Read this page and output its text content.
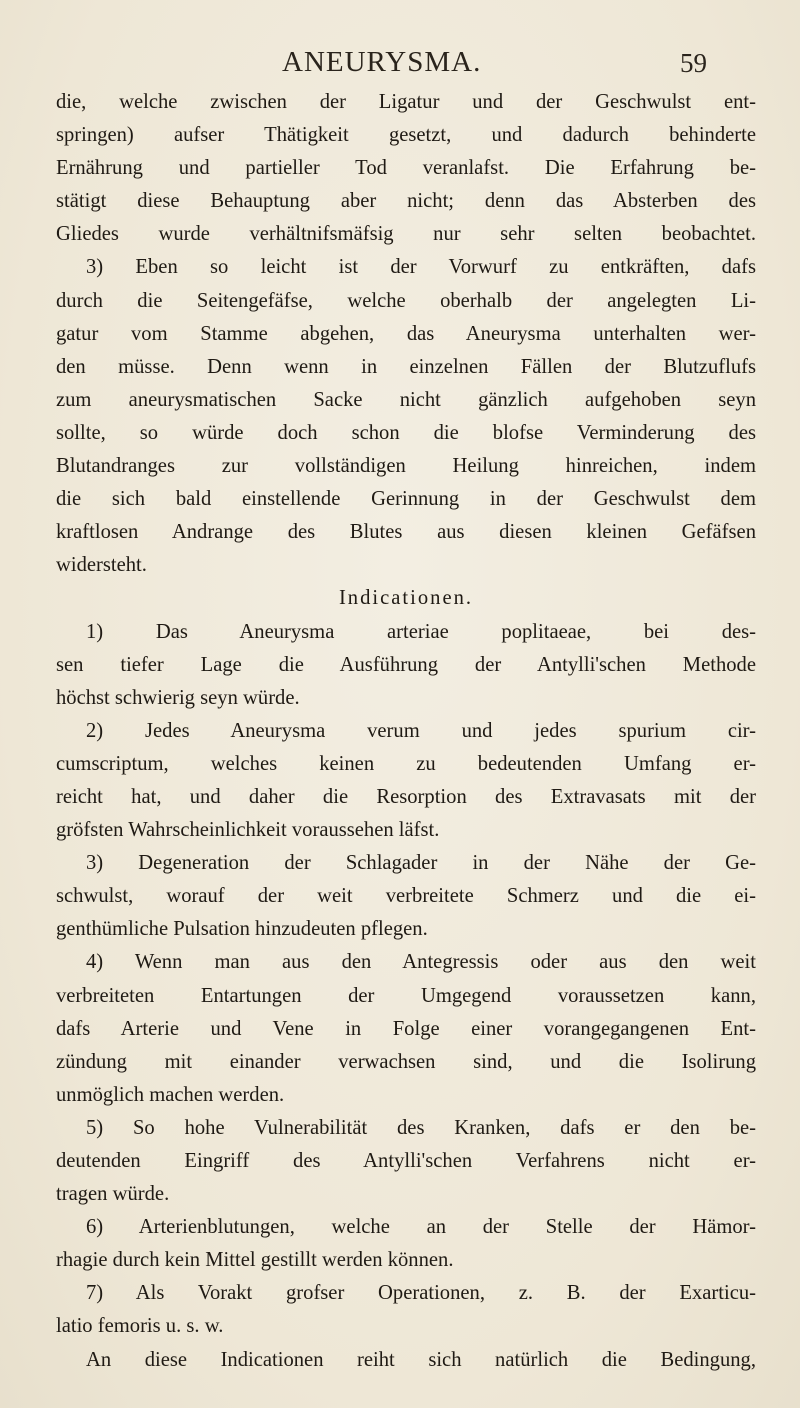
ANEURYSMA.	59
die, welche zwischen der Ligatur und der Geschwulst ent-
springen) aufser Thätigkeit gesetzt, und dadurch behinderte
Ernährung und partieller Tod veranlafst. Die Erfahrung be-
stätigt diese Behauptung aber nicht; denn das Absterben des
Gliedes wurde verhältnifsmäfsig nur sehr selten beobachtet.
3) Eben so leicht ist der Vorwurf zu entkräften, dafs
durch die Seitengefäfse, welche oberhalb der angelegten Li-
gatur vom Stamme abgehen, das Aneurysma unterhalten wer-
den müsse. Denn wenn in einzelnen Fällen der Blutzuflufs
zum aneurysmatischen Sacke nicht gänzlich aufgehoben seyn
sollte, so würde doch schon die blofse Verminderung des
Blutandranges zur vollständigen Heilung hinreichen, indem
die sich bald einstellende Gerinnung in der Geschwulst dem
kraftlosen Andrange des Blutes aus diesen kleinen Gefäfsen
widersteht.
Indicationen.
1) Das Aneurysma arteriae poplitaeae, bei des-
sen tiefer Lage die Ausführung der Antylli'schen Methode
höchst schwierig seyn würde.
2) Jedes Aneurysma verum und jedes spurium cir-
cumscriptum, welches keinen zu bedeutenden Umfang er-
reicht hat, und daher die Resorption des Extravasats mit der
gröfsten Wahrscheinlichkeit voraussehen läfst.
3) Degeneration der Schlagader in der Nähe der Ge-
schwulst, worauf der weit verbreitete Schmerz und die ei-
genthümliche Pulsation hinzudeuten pflegen.
4) Wenn man aus den Antegressis oder aus den weit
verbreiteten Entartungen der Umgegend voraussetzen kann,
dafs Arterie und Vene in Folge einer vorangegangenen Ent-
zündung mit einander verwachsen sind, und die Isolirung
unmöglich machen werden.
5) So hohe Vulnerabilität des Kranken, dafs er den be-
deutenden Eingriff des Antylli'schen Verfahrens nicht er-
tragen würde.
6) Arterienblutungen, welche an der Stelle der Hämor-
rhagie durch kein Mittel gestillt werden können.
7) Als Vorakt grofser Operationen, z. B. der Exarticu-
latio femoris u. s. w.
An diese Indicationen reiht sich natürlich die Bedingung,
